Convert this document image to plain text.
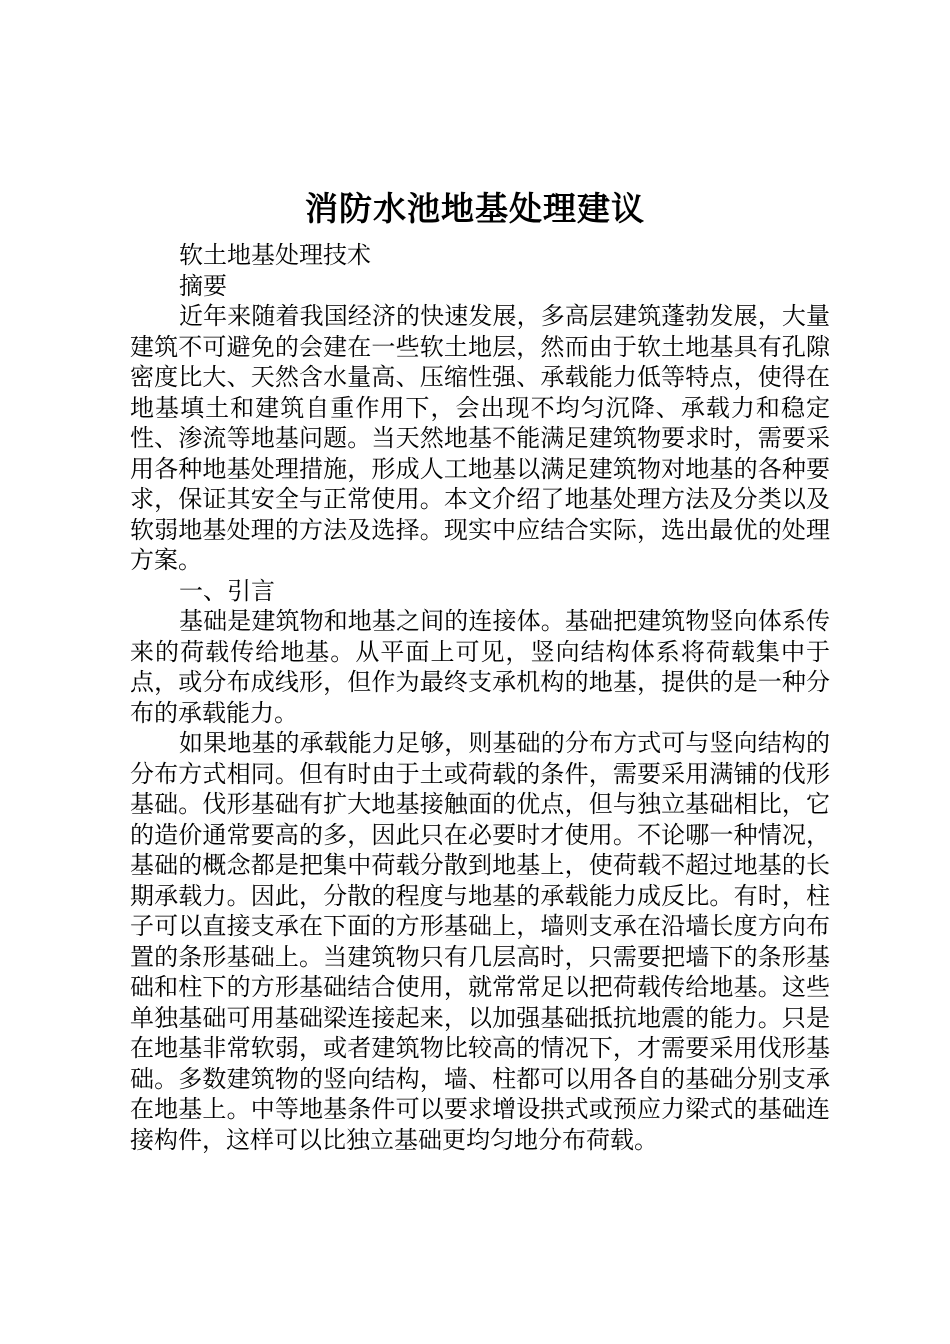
消防水池地基处理建议

软土地基处理技术

摘要

近年来随着我国经济的快速发展，多高层建筑蓬勃发展，大量建筑不可避免的会建在一些软土地层，然而由于软土地基具有孔隙密度比大、天然含水量高、压缩性强、承载能力低等特点，使得在地基填土和建筑自重作用下，会出现不均匀沉降、承载力和稳定性、渗流等地基问题。当天然地基不能满足建筑物要求时，需要采用各种地基处理措施，形成人工地基以满足建筑物对地基的各种要求，保证其安全与正常使用。本文介绍了地基处理方法及分类以及软弱地基处理的方法及选择。现实中应结合实际，选出最优的处理方案。

一、引言

基础是建筑物和地基之间的连接体。基础把建筑物竖向体系传来的荷载传给地基。从平面上可见，竖向结构体系将荷载集中于点，或分布成线形，但作为最终支承机构的地基，提供的是一种分布的承载能力。

如果地基的承载能力足够，则基础的分布方式可与竖向结构的分布方式相同。但有时由于土或荷载的条件，需要采用满铺的伐形基础。伐形基础有扩大地基接触面的优点，但与独立基础相比，它的造价通常要高的多，因此只在必要时才使用。不论哪一种情况，基础的概念都是把集中荷载分散到地基上，使荷载不超过地基的长期承载力。因此，分散的程度与地基的承载能力成反比。有时，柱子可以直接支承在下面的方形基础上，墙则支承在沿墙长度方向布置的条形基础上。当建筑物只有几层高时，只需要把墙下的条形基础和柱下的方形基础结合使用，就常常足以把荷载传给地基。这些单独基础可用基础梁连接起来，以加强基础抵抗地震的能力。只是在地基非常软弱，或者建筑物比较高的情况下，才需要采用伐形基础。多数建筑物的竖向结构，墙、柱都可以用各自的基础分别支承在地基上。中等地基条件可以要求增设拱式或预应力梁式的基础连接构件，这样可以比独立基础更均匀地分布荷载。
